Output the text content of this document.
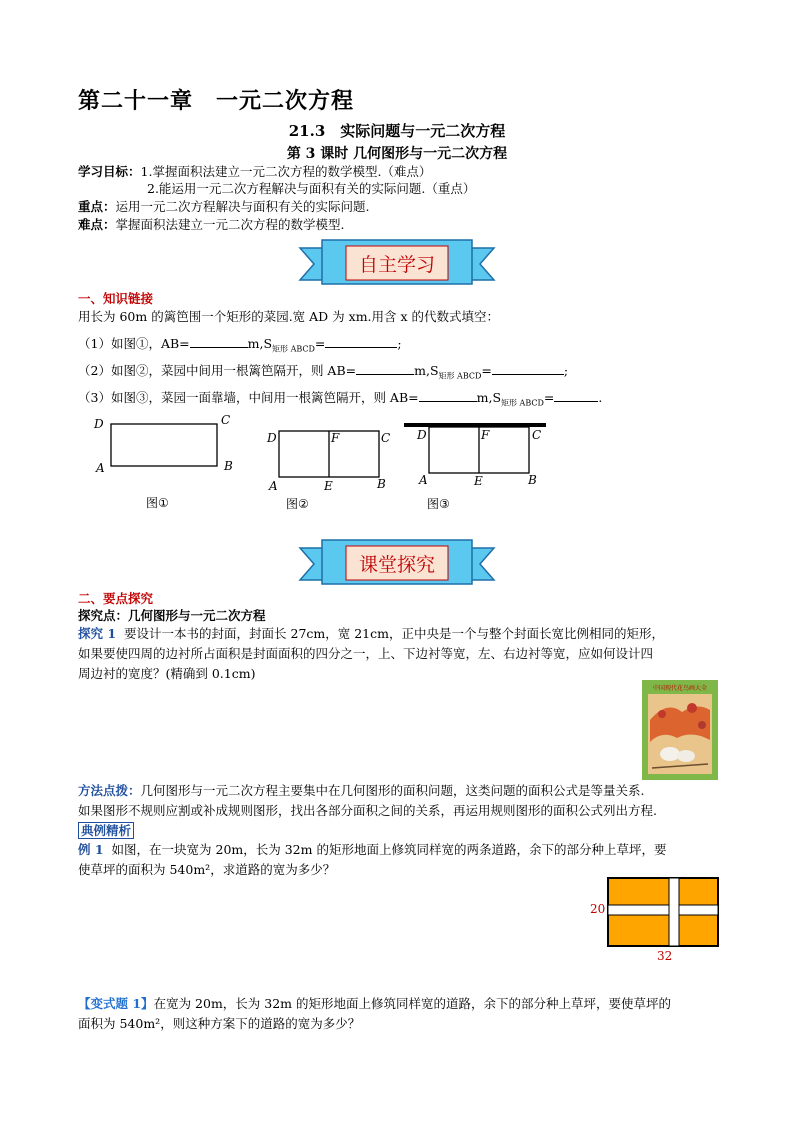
第二十一章　一元二次方程
21.3　实际问题与一元二次方程
第 3 课时 几何图形与一元二次方程
学习目标：1.掌握面积法建立一元二次方程的数学模型.（难点）
2.能运用一元二次方程解决与面积有关的实际问题.（重点）
重点：运用一元二次方程解决与面积有关的实际问题.
难点：掌握面积法建立一元二次方程的数学模型.
自主学习
一、知识链接
用长为 60m 的篱笆围一个矩形的菜园.宽 AD 为 xm.用含 x 的代数式填空：
（1）如图①，AB=	$m,S_{矩形 ABCD}=$	;
（2）如图②，菜园中间用一根篱笆隔开，则 AB=	$m,S_{矩形 ABCD}=$	;
（3）如图③，菜园一面靠墙，中间用一根篱笆隔开，则 AB=	$m,S_{矩形 ABCD}=$	.
D	C
A	B
图①
D	F	C
A	E	B
图②
D	F	C
A	E	B
图③
课堂探究
二、要点探究
探究点：几何图形与一元二次方程
探究 1 要设计一本书的封面，封面长 27cm，宽 21cm，正中央是一个与整个封面长宽比例相同的矩形，
如果要使四周的边衬所占面积是封面面积的四分之一，上、下边衬等宽，左、右边衬等宽，应如何设计四
周边衬的宽度？(精确到 0.1cm)
中国现代花鸟画大全
方法点拨：几何图形与一元二次方程主要集中在几何图形的面积问题，这类问题的面积公式是等量关系.
如果图形不规则应割或补成规则图形，找出各部分面积之间的关系，再运用规则图形的面积公式列出方程.
典例精析
例 1 如图，在一块宽为 20m，长为 32m 的矩形地面上修筑同样宽的两条道路，余下的部分种上草坪，要
使草坪的面积为 540m²，求道路的宽为多少？
20
32
【变式题 1】在宽为 20m，长为 32m 的矩形地面上修筑同样宽的道路，余下的部分种上草坪，要使草坪的
面积为 540m²，则这种方案下的道路的宽为多少？
